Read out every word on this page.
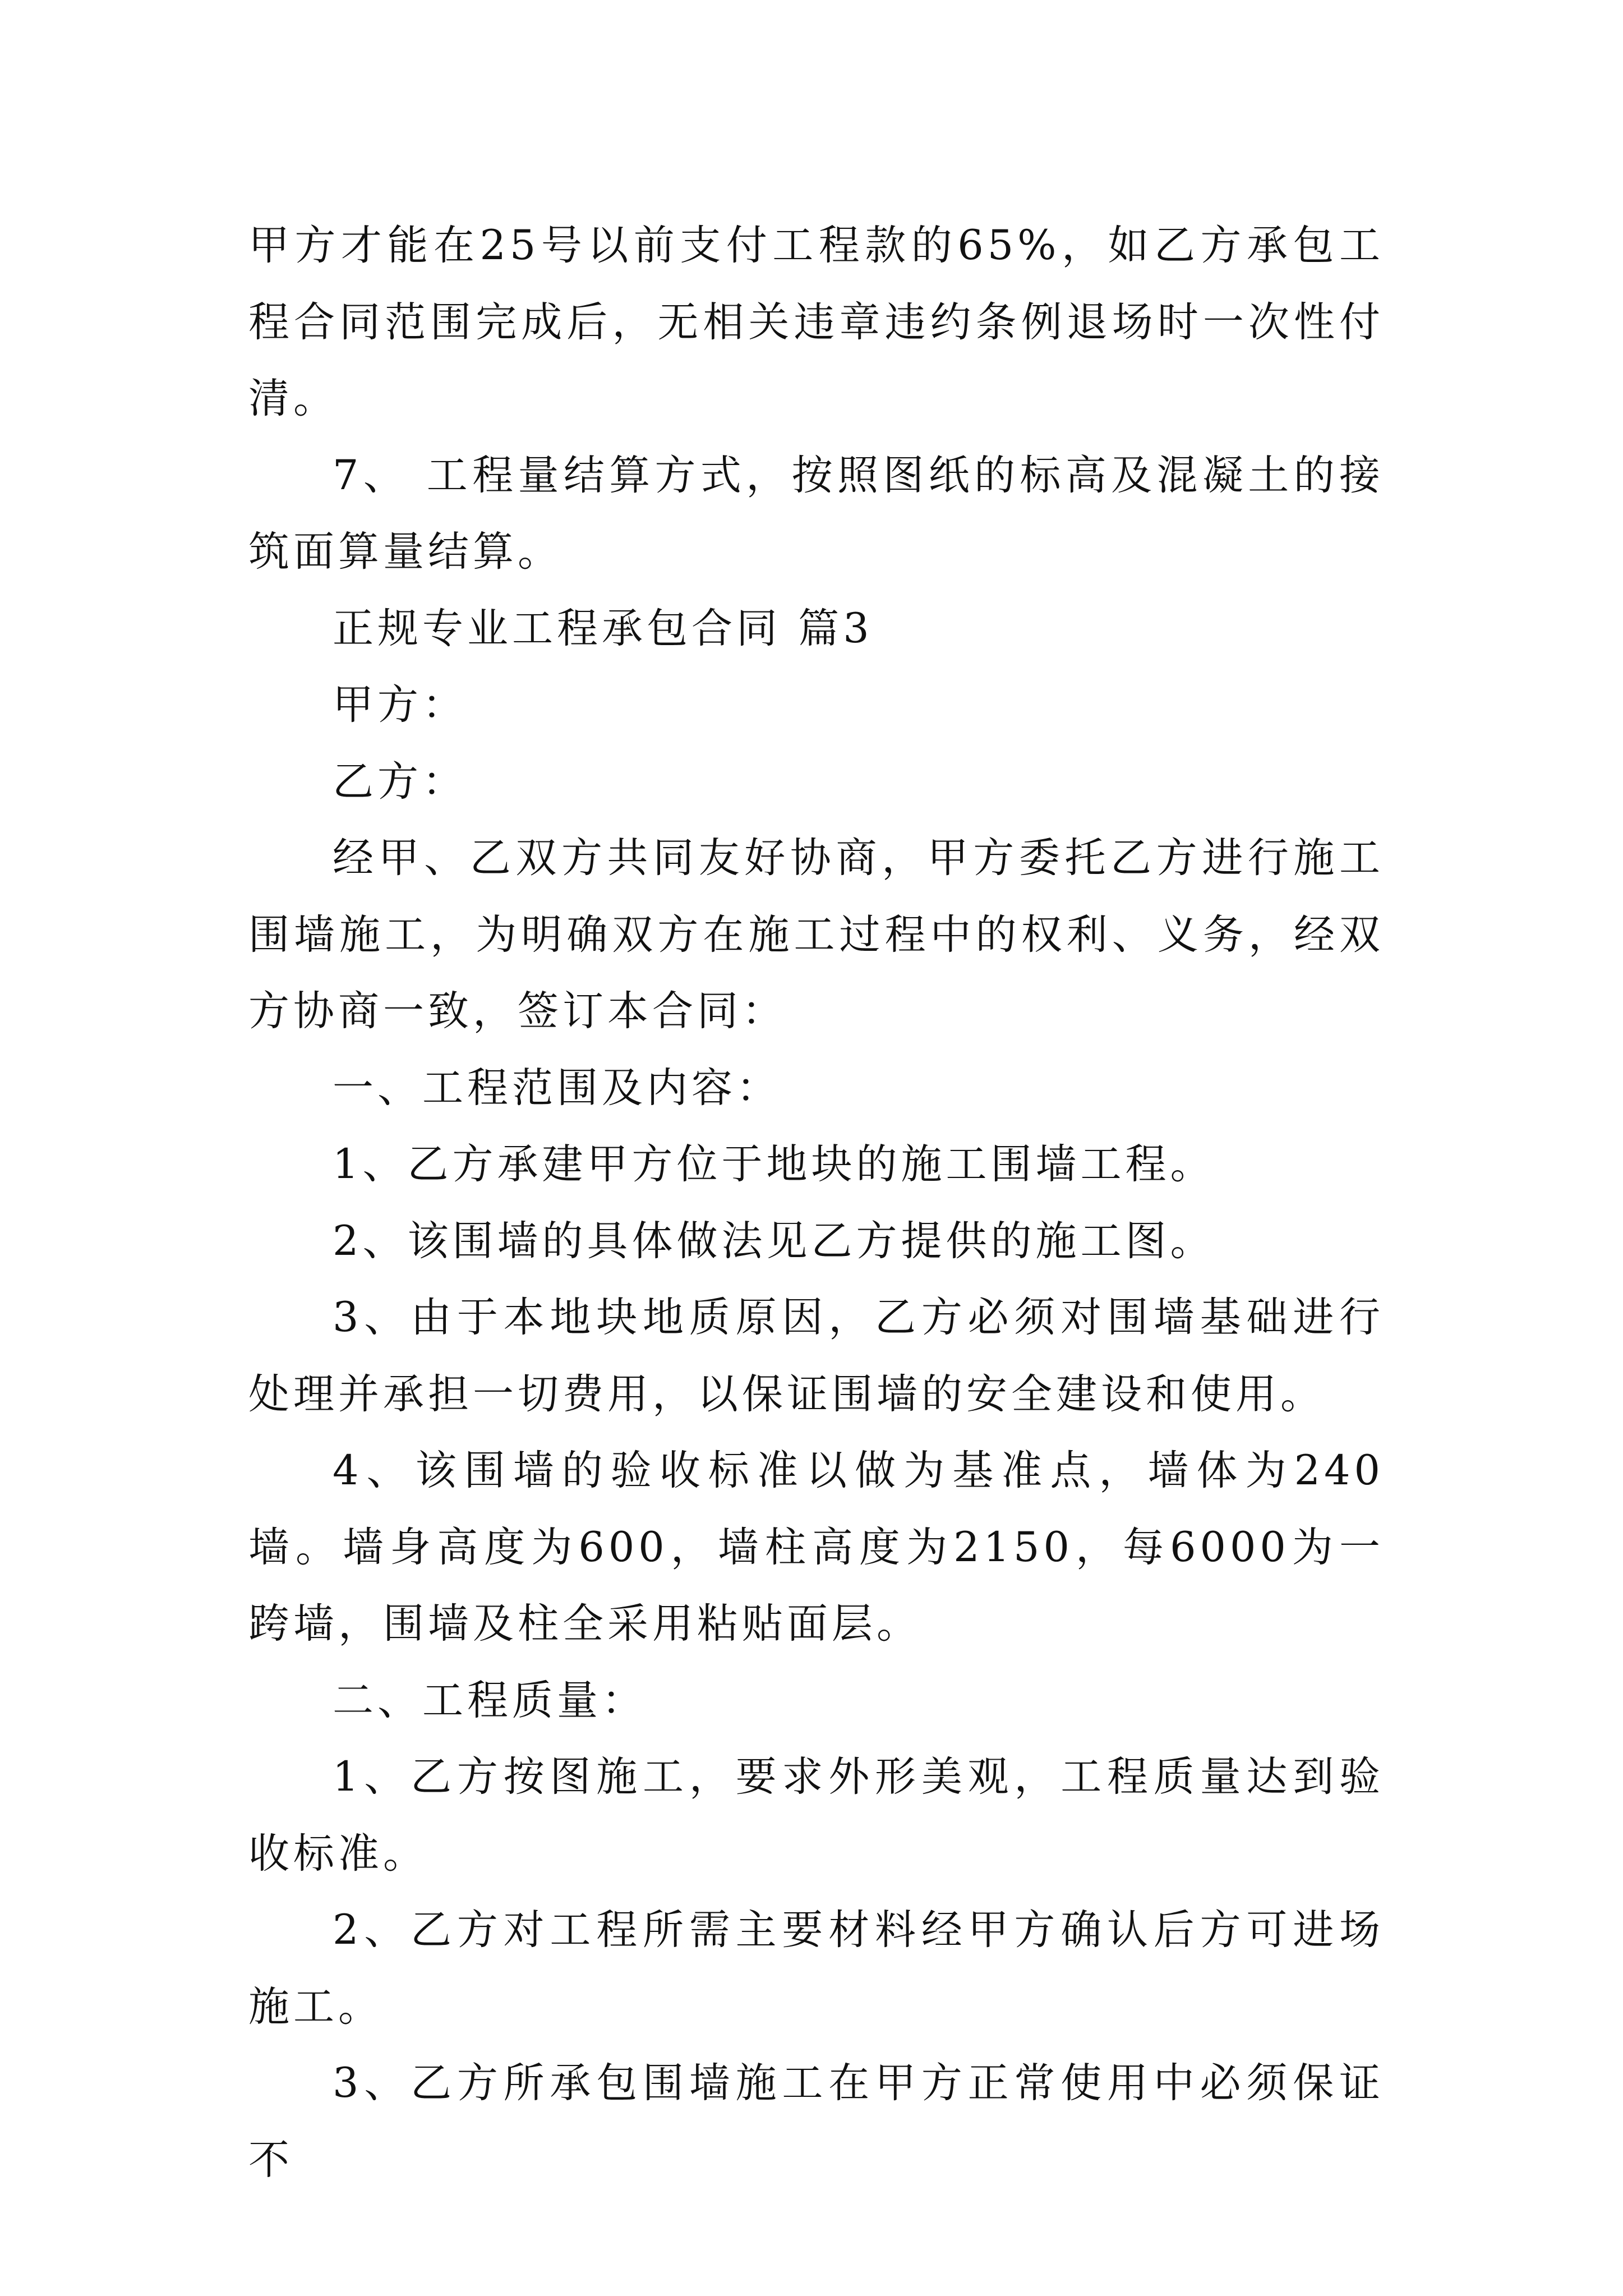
甲方才能在25号以前支付工程款的65%，如乙方承包工程合同范围完成后，无相关违章违约条例退场时一次性付清。

7、 工程量结算方式，按照图纸的标高及混凝土的接筑面算量结算。

正规专业工程承包合同 篇3

甲方：

乙方：

经甲、乙双方共同友好协商，甲方委托乙方进行施工围墙施工，为明确双方在施工过程中的权利、义务，经双方协商一致，签订本合同：

一、工程范围及内容：

1、乙方承建甲方位于地块的施工围墙工程。

2、该围墙的具体做法见乙方提供的施工图。

3、由于本地块地质原因，乙方必须对围墙基础进行处理并承担一切费用，以保证围墙的安全建设和使用。

4、该围墙的验收标准以做为基准点，墙体为240墙。墙身高度为600，墙柱高度为2150，每6000为一跨墙，围墙及柱全采用粘贴面层。

二、工程质量：

1、乙方按图施工，要求外形美观，工程质量达到验收标准。

2、乙方对工程所需主要材料经甲方确认后方可进场施工。

3、乙方所承包围墙施工在甲方正常使用中必须保证不
